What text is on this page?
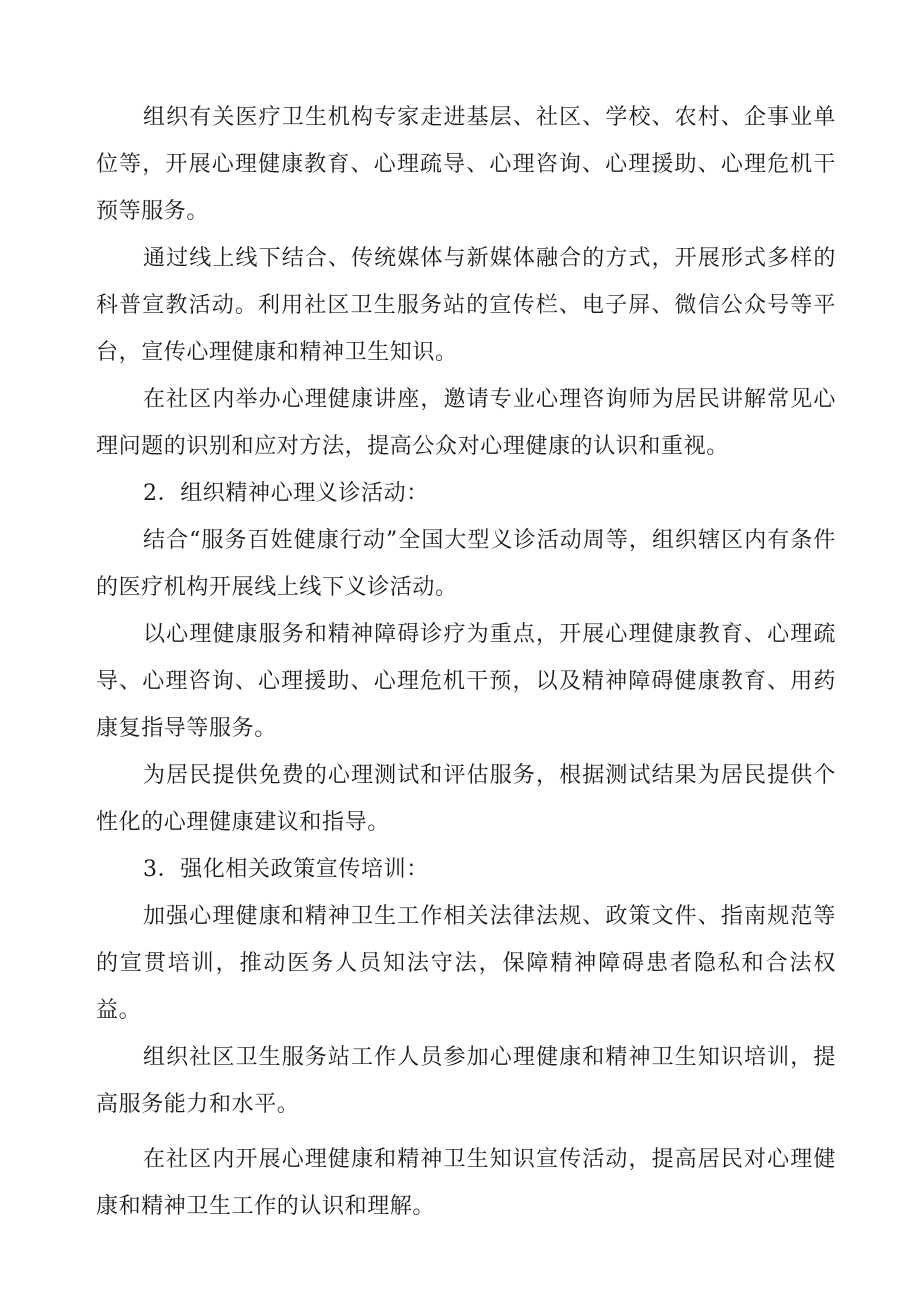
组织有关医疗卫生机构专家走进基层、社区、学校、农村、企事业单位等，开展心理健康教育、心理疏导、心理咨询、心理援助、心理危机干预等服务。

通过线上线下结合、传统媒体与新媒体融合的方式，开展形式多样的科普宣教活动。利用社区卫生服务站的宣传栏、电子屏、微信公众号等平台，宣传心理健康和精神卫生知识。

在社区内举办心理健康讲座，邀请专业心理咨询师为居民讲解常见心理问题的识别和应对方法，提高公众对心理健康的认识和重视。

2．组织精神心理义诊活动：

结合“服务百姓健康行动”全国大型义诊活动周等，组织辖区内有条件的医疗机构开展线上线下义诊活动。

以心理健康服务和精神障碍诊疗为重点，开展心理健康教育、心理疏导、心理咨询、心理援助、心理危机干预，以及精神障碍健康教育、用药康复指导等服务。

为居民提供免费的心理测试和评估服务，根据测试结果为居民提供个性化的心理健康建议和指导。

3．强化相关政策宣传培训：

加强心理健康和精神卫生工作相关法律法规、政策文件、指南规范等的宣贯培训，推动医务人员知法守法，保障精神障碍患者隐私和合法权益。

组织社区卫生服务站工作人员参加心理健康和精神卫生知识培训，提高服务能力和水平。

在社区内开展心理健康和精神卫生知识宣传活动，提高居民对心理健康和精神卫生工作的认识和理解。
